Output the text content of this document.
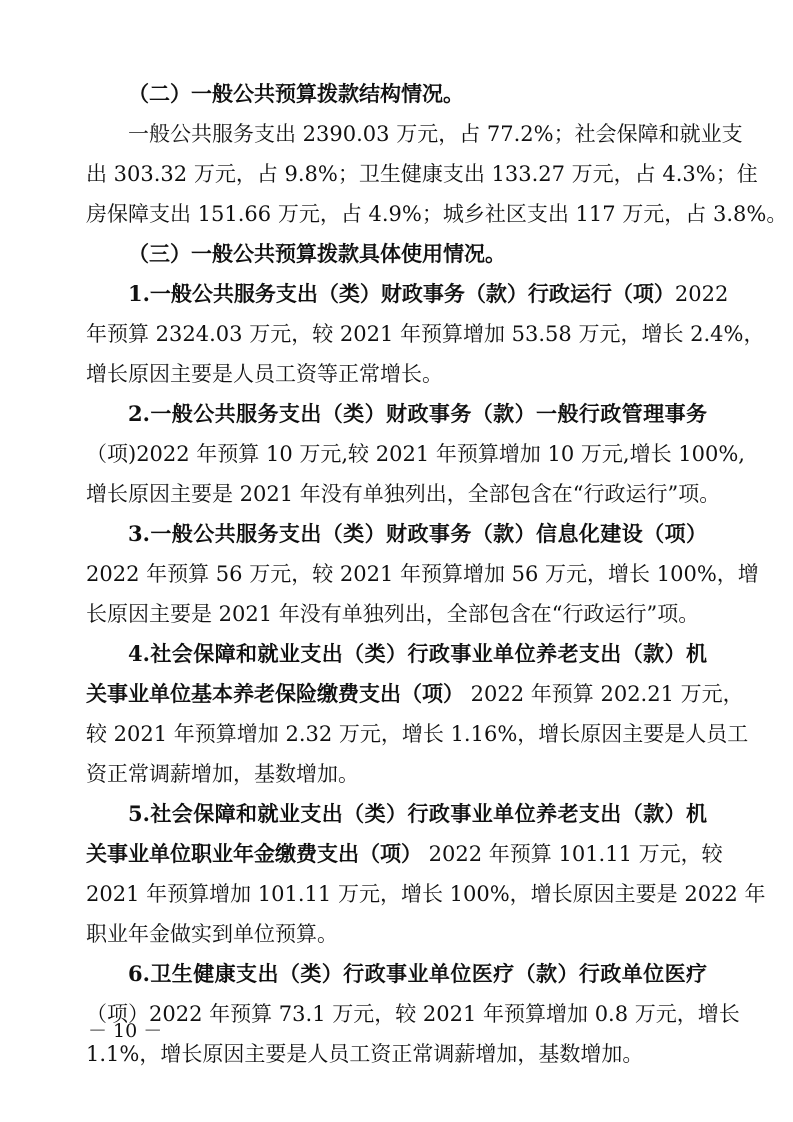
（二）一般公共预算拨款结构情况。
一般公共服务支出 2390.03 万元，占 77.2%；社会保障和就业支
出 303.32 万元，占 9.8%；卫生健康支出 133.27 万元，占 4.3%；住
房保障支出 151.66 万元，占 4.9%；城乡社区支出 117 万元，占 3.8%。
（三）一般公共预算拨款具体使用情况。
1.一般公共服务支出（类）财政事务（款）行政运行（项）2022
年预算 2324.03 万元，较 2021 年预算增加 53.58 万元，增长 2.4%，
增长原因主要是人员工资等正常增长。
2.一般公共服务支出（类）财政事务（款）一般行政管理事务
（项)2022 年预算 10 万元,较 2021 年预算增加 10 万元,增长 100%,
增长原因主要是 2021 年没有单独列出，全部包含在“行政运行”项。
3.一般公共服务支出（类）财政事务（款）信息化建设（项）
2022 年预算 56 万元，较 2021 年预算增加 56 万元，增长 100%，增
长原因主要是 2021 年没有单独列出，全部包含在“行政运行”项。
4.社会保障和就业支出（类）行政事业单位养老支出（款）机
关事业单位基本养老保险缴费支出（项） 2022 年预算 202.21 万元，
较 2021 年预算增加 2.32 万元，增长 1.16%，增长原因主要是人员工
资正常调薪增加，基数增加。
5.社会保障和就业支出（类）行政事业单位养老支出（款）机
关事业单位职业年金缴费支出（项） 2022 年预算 101.11 万元，较
2021 年预算增加 101.11 万元，增长 100%，增长原因主要是 2022 年
职业年金做实到单位预算。
6.卫生健康支出（类）行政事业单位医疗（款）行政单位医疗
（项）2022 年预算 73.1 万元，较 2021 年预算增加 0.8 万元，增长
1.1%，增长原因主要是人员工资正常调薪增加，基数增加。
－ 10 －
